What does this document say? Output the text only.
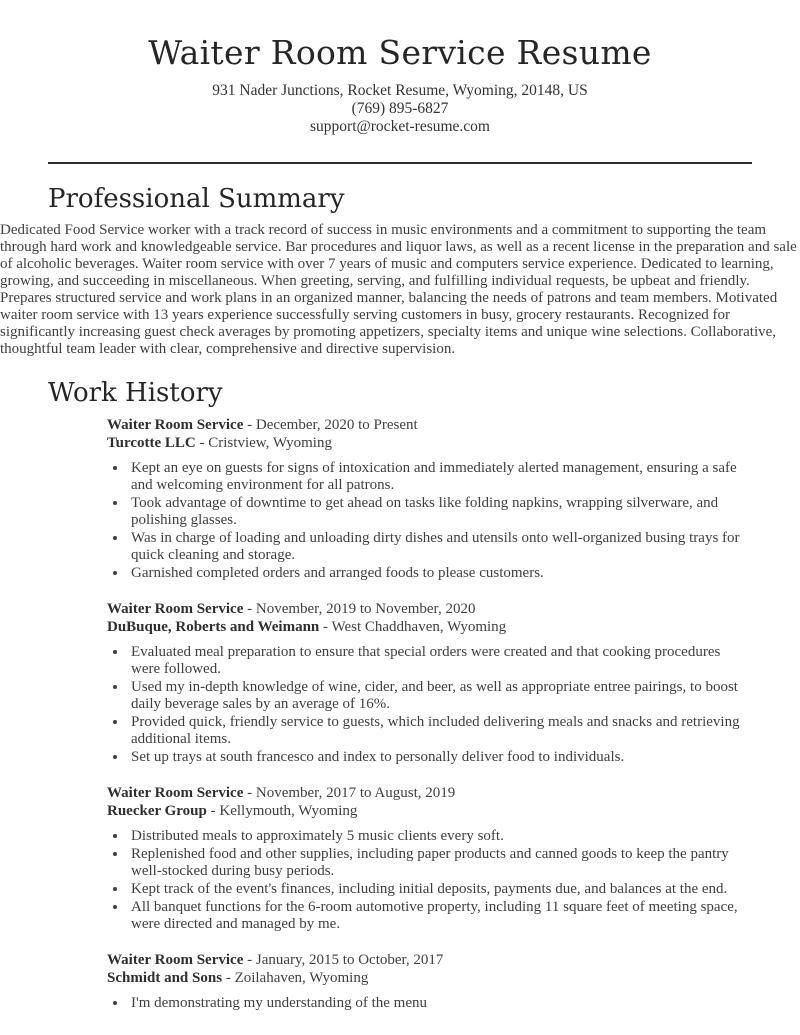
Waiter Room Service Resume
931 Nader Junctions, Rocket Resume, Wyoming, 20148, US
(769) 895-6827
support@rocket-resume.com
Professional Summary

Dedicated Food Service worker with a track record of success in music environments and a commitment to supporting the team through hard work and knowledgeable service. Bar procedures and liquor laws, as well as a recent license in the preparation and sale of alcoholic beverages. Waiter room service with over 7 years of music and computers service experience. Dedicated to learning, growing, and succeeding in miscellaneous. When greeting, serving, and fulfilling individual requests, be upbeat and friendly. Prepares structured service and work plans in an organized manner, balancing the needs of patrons and team members. Motivated waiter room service with 13 years experience successfully serving customers in busy, grocery restaurants. Recognized for significantly increasing guest check averages by promoting appetizers, specialty items and unique wine selections. Collaborative, thoughtful team leader with clear, comprehensive and directive supervision.

Work History
Waiter Room Service - December, 2020 to Present
Turcotte LLC - Cristview, Wyoming
• Kept an eye on guests for signs of intoxication and immediately alerted management, ensuring a safe and welcoming environment for all patrons.
• Took advantage of downtime to get ahead on tasks like folding napkins, wrapping silverware, and polishing glasses.
• Was in charge of loading and unloading dirty dishes and utensils onto well-organized busing trays for quick cleaning and storage.
• Garnished completed orders and arranged foods to please customers.
Waiter Room Service - November, 2019 to November, 2020
DuBuque, Roberts and Weimann - West Chaddhaven, Wyoming
• Evaluated meal preparation to ensure that special orders were created and that cooking procedures were followed.
• Used my in-depth knowledge of wine, cider, and beer, as well as appropriate entree pairings, to boost daily beverage sales by an average of 16%.
• Provided quick, friendly service to guests, which included delivering meals and snacks and retrieving additional items.
• Set up trays at south francesco and index to personally deliver food to individuals.
Waiter Room Service - November, 2017 to August, 2019
Ruecker Group - Kellymouth, Wyoming
• Distributed meals to approximately 5 music clients every soft.
• Replenished food and other supplies, including paper products and canned goods to keep the pantry well-stocked during busy periods.
• Kept track of the event's finances, including initial deposits, payments due, and balances at the end.
• All banquet functions for the 6-room automotive property, including 11 square feet of meeting space, were directed and managed by me.
Waiter Room Service - January, 2015 to October, 2017
Schmidt and Sons - Zoilahaven, Wyoming
• I'm demonstrating my understanding of the menu
